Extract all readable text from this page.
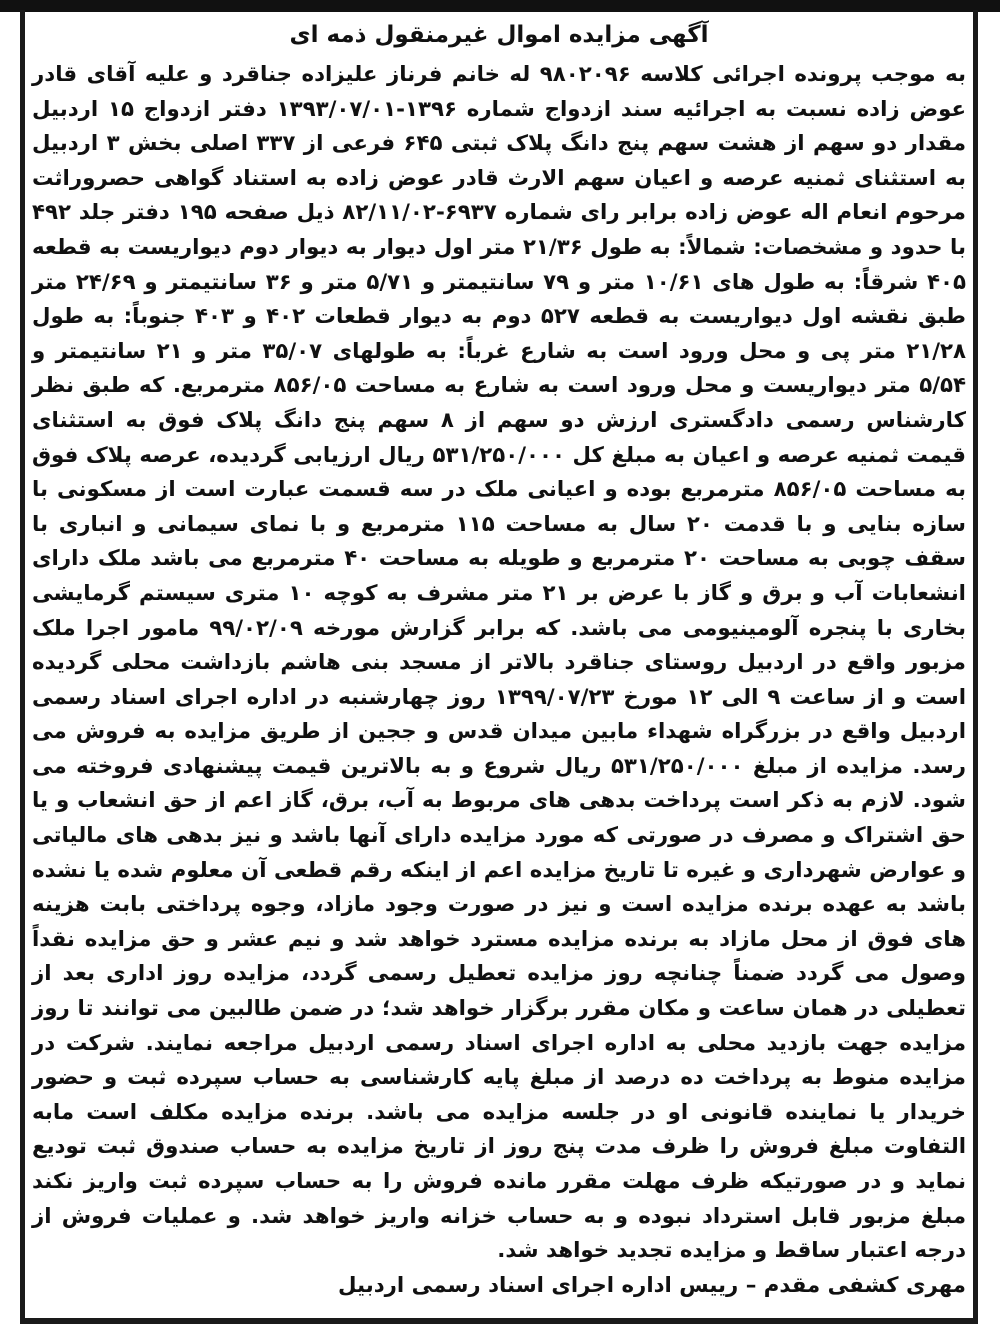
آگهی مزایده اموال غیرمنقول ذمه ای

به موجب پرونده اجرائی کلاسه ۹۸۰۲۰۹۶ له خانم فرناز علیزاده جناقرد و علیه آقای قادر عوض زاده نسبت به اجرائیه سند ازدواج شماره ۱۳۹۶-۱۳۹۳/۰۷/۰۱ دفتر ازدواج ۱۵ اردبیل مقدار دو سهم از هشت سهم پنج دانگ پلاک ثبتی ۶۴۵ فرعی از ۳۳۷ اصلی بخش ۳ اردبیل به استثنای ثمنیه عرصه و اعیان سهم الارث قادر عوض زاده به استناد گواهی حصروراثت مرحوم انعام اله عوض زاده برابر رای شماره ۶۹۳۷-۸۲/۱۱/۰۲ ذیل صفحه ۱۹۵ دفتر جلد ۴۹۲ با حدود و مشخصات: شمالاً: به طول ۲۱/۳۶ متر اول دیوار به دیوار دوم دیواریست به قطعه ۴۰۵ شرقاً: به طول های ۱۰/۶۱ متر و ۷۹ سانتیمتر و ۵/۷۱ متر و ۳۶ سانتیمتر و ۲۴/۶۹ متر طبق نقشه اول دیواریست به قطعه ۵۲۷ دوم به دیوار قطعات ۴۰۲ و ۴۰۳ جنوباً: به طول ۲۱/۲۸ متر پی و محل ورود است به شارع غرباً: به طولهای ۳۵/۰۷ متر و ۲۱ سانتیمتر و ۵/۵۴ متر دیواریست و محل ورود است به شارع به مساحت ۸۵۶/۰۵ مترمربع. که طبق نظر کارشناس رسمی دادگستری ارزش دو سهم از ۸ سهم پنج دانگ پلاک فوق به استثنای قیمت ثمنیه عرصه و اعیان به مبلغ کل ۵۳۱/۲۵۰/۰۰۰ ریال ارزیابی گردیده، عرصه پلاک فوق به مساحت ۸۵۶/۰۵ مترمربع بوده و اعیانی ملک در سه قسمت عبارت است از مسکونی با سازه بنایی و با قدمت ۲۰ سال به مساحت ۱۱۵ مترمربع و با نمای سیمانی و انباری با سقف چوبی به مساحت ۲۰ مترمربع و طویله به مساحت ۴۰ مترمربع می باشد ملک دارای انشعابات آب و برق و گاز با عرض بر ۲۱ متر مشرف به کوچه ۱۰ متری سیستم گرمایشی بخاری با پنجره آلومینیومی می باشد. که برابر گزارش مورخه ۹۹/۰۲/۰۹ مامور اجرا ملک مزبور واقع در اردبیل روستای جناقرد بالاتر از مسجد بنی هاشم بازداشت محلی گردیده است و از ساعت ۹ الی ۱۲ مورخ ۱۳۹۹/۰۷/۲۳ روز چهارشنبه در اداره اجرای اسناد رسمی اردبیل واقع در بزرگراه شهداء مابین میدان قدس و ججین از طریق مزایده به فروش می رسد. مزایده از مبلغ ۵۳۱/۲۵۰/۰۰۰ ریال شروع و به بالاترین قیمت پیشنهادی فروخته می شود. لازم به ذکر است پرداخت بدهی های مربوط به آب، برق، گاز اعم از حق انشعاب و یا حق اشتراک و مصرف در صورتی که مورد مزایده دارای آنها باشد و نیز بدهی های مالیاتی و عوارض شهرداری و غیره تا تاریخ مزایده اعم از اینکه رقم قطعی آن معلوم شده یا نشده باشد به عهده برنده مزایده است و نیز در صورت وجود مازاد، وجوه پرداختی بابت هزینه های فوق از محل مازاد به برنده مزایده مسترد خواهد شد و نیم عشر و حق مزایده نقداً وصول می گردد ضمناً چنانچه روز مزایده تعطیل رسمی گردد، مزایده روز اداری بعد از تعطیلی در همان ساعت و مکان مقرر برگزار خواهد شد؛ در ضمن طالبین می توانند تا روز مزایده جهت بازدید محلی به اداره اجرای اسناد رسمی اردبیل مراجعه نمایند. شرکت در مزایده منوط به پرداخت ده درصد از مبلغ پایه کارشناسی به حساب سپرده ثبت و حضور خریدار یا نماینده قانونی او در جلسه مزایده می باشد. برنده مزایده مکلف است مابه التفاوت مبلغ فروش را ظرف مدت پنج روز از تاریخ مزایده به حساب صندوق ثبت تودیع نماید و در صورتیکه ظرف مهلت مقرر مانده فروش را به حساب سپرده ثبت واریز نکند مبلغ مزبور قابل استرداد نبوده و به حساب خزانه واریز خواهد شد. و عملیات فروش از درجه اعتبار ساقط و مزایده تجدید خواهد شد.

مهری کشفی مقدم – رییس اداره اجرای اسناد رسمی اردبیل
